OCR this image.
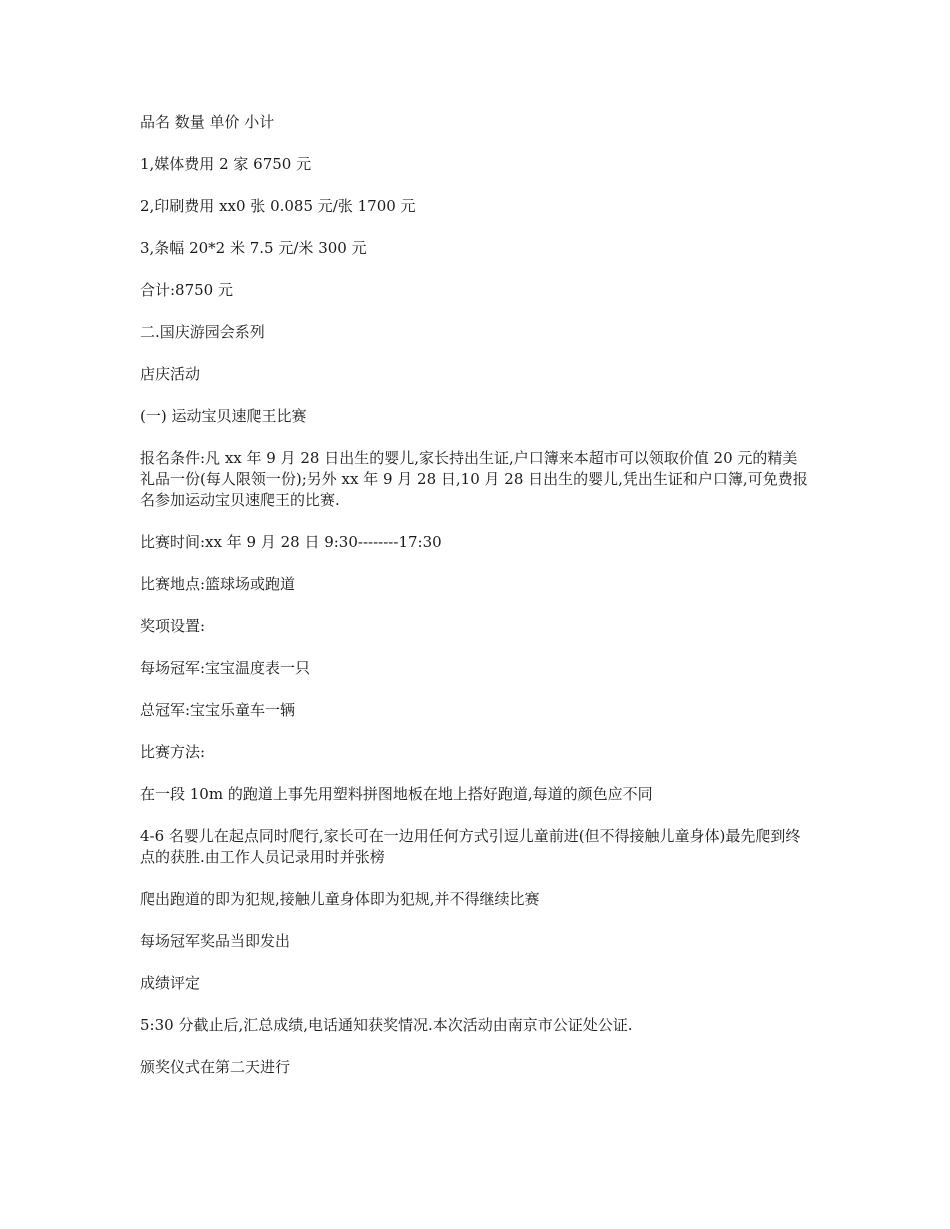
品名 数量 单价 小计

1,媒体费用 2 家 6750 元

2,印刷费用 xx0 张 0.085 元/张 1700 元

3,条幅 20*2 米 7.5 元/米 300 元

合计:8750 元

二.国庆游园会系列

店庆活动

(一) 运动宝贝速爬王比赛

报名条件:凡 xx 年 9 月 28 日出生的婴儿,家长持出生证,户口簿来本超市可以领取价值 20 元的精美礼品一份(每人限领一份);另外 xx 年 9 月 28 日,10 月 28 日出生的婴儿,凭出生证和户口簿,可免费报名参加运动宝贝速爬王的比赛.

比赛时间:xx 年 9 月 28 日 9:30--------17:30

比赛地点:篮球场或跑道

奖项设置:

每场冠军:宝宝温度表一只

总冠军:宝宝乐童车一辆

比赛方法:

在一段 10m 的跑道上事先用塑料拼图地板在地上搭好跑道,每道的颜色应不同

4-6 名婴儿在起点同时爬行,家长可在一边用任何方式引逗儿童前进(但不得接触儿童身体)最先爬到终点的获胜.由工作人员记录用时并张榜

爬出跑道的即为犯规,接触儿童身体即为犯规,并不得继续比赛

每场冠军奖品当即发出

成绩评定

5:30 分截止后,汇总成绩,电话通知获奖情况.本次活动由南京市公证处公证.

颁奖仪式在第二天进行
